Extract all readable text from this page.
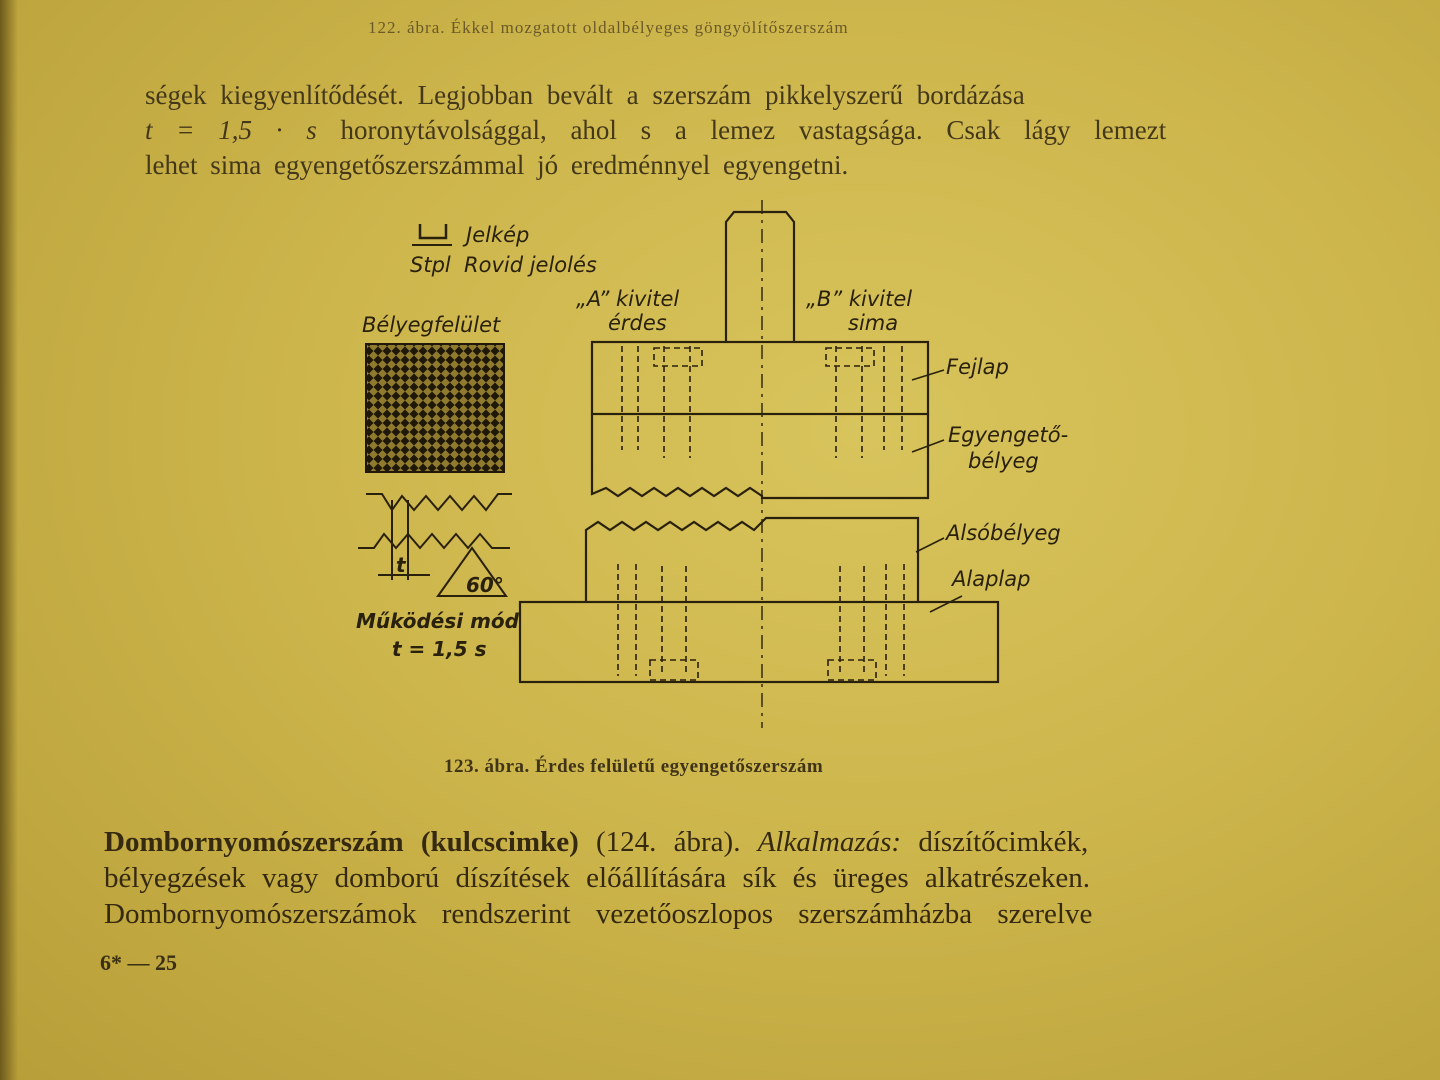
122. ábra. Ékkel mozgatott oldalbélyeges göngyölítőszerszám
ségek kiegyenlítődését. Legjobban bevált a szerszám pikkelyszerű bordázása
t = 1,5 · s horonytávolsággal, ahol s a lemez vastagsága. Csak lágy lemezt
lehet sima egyengetőszerszámmal jó eredménnyel egyengetni.
Jelkép
Stpl Rovid jelolés
Bélyegfelület
t
60°
Működési mód
t = 1,5 s
„A” kivitel
érdes
„B” kivitel
sima
Fejlap
Egyengető-
bélyeg
Alsóbélyeg
Alaplap
123. ábra. Érdes felületű egyengetőszerszám
Dombornyomószerszám (kulcscimke) (124. ábra). Alkalmazás: díszítőcimkék,
bélyegzések vagy domború díszítések előállítására sík és üreges alkatrészeken.
Dombornyomószerszámok rendszerint vezetőoszlopos szerszámházba szerelve
6* — 25
